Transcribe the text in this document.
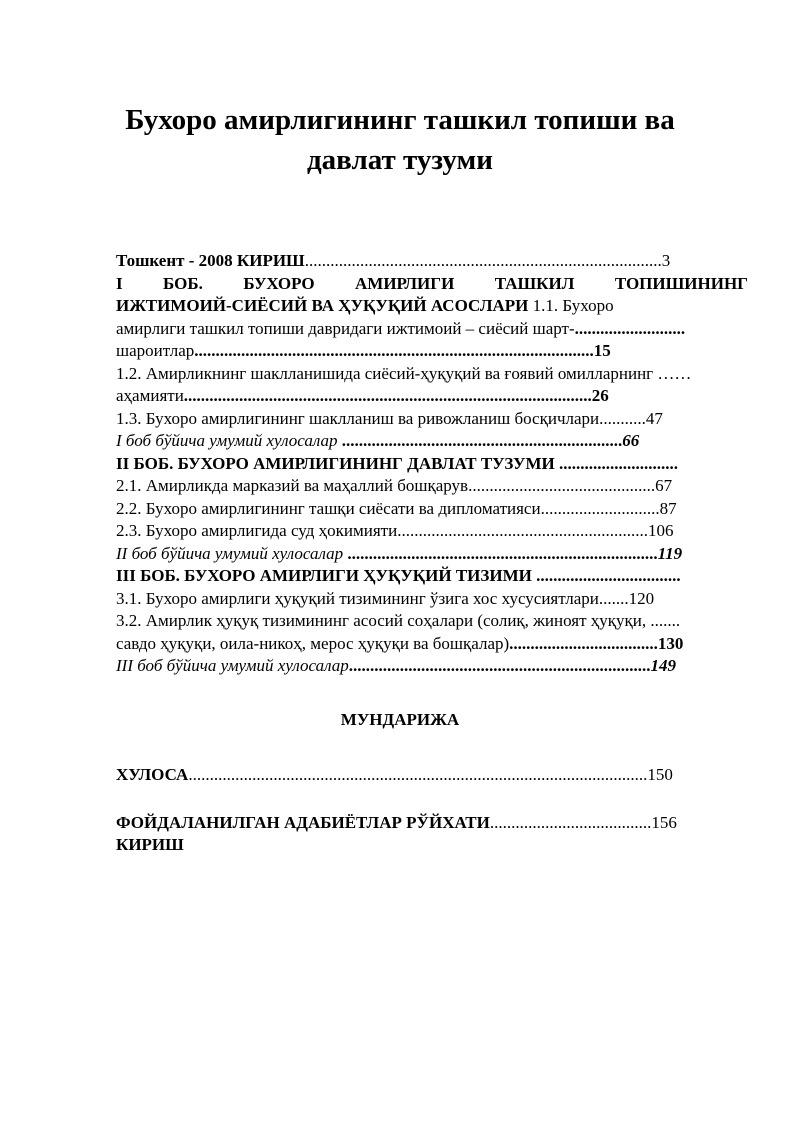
Бухоро амирлигининг ташкил топиши ва
давлат тузуми
Тошкент - 2008 КИРИШ....................................................................................3
I БОБ. БУХОРО АМИРЛИГИ ТАШКИЛ ТОПИШИНИНГ
ИЖТИМОИЙ-СИЁСИЙ ВА ҲУҚУҚИЙ АСОСЛАРИ 1.1. Бухоро
амирлиги ташкил топиши давридаги ижтимоий – сиёсий шарт-..........................
шароитлар..............................................................................................15
1.2. Амирликнинг шаклланишида сиёсий-ҳуқуқий ва ғоявий омилларнинг ……
аҳамияти................................................................................................26
1.3. Бухоро амирлигининг шаклланиш ва ривожланиш босқичлари...........47
I боб бўйича умумий хулосалар ..................................................................66
II БОБ. БУХОРО АМИРЛИГИНИНГ ДАВЛАТ ТУЗУМИ ............................
2.1. Амирликда марказий ва маҳаллий бошқарув............................................67
2.2. Бухоро амирлигининг ташқи сиёсати ва дипломатияси............................87
2.3. Бухоро амирлигида суд ҳокимияти...........................................................106
II боб бўйича умумий хулосалар .........................................................................119
III БОБ. БУХОРО АМИРЛИГИ ҲУҚУҚИЙ ТИЗИМИ ..................................
3.1. Бухоро амирлиги ҳуқуқий тизимининг ўзига хос хусусиятлари.......120
3.2. Амирлик ҳуқуқ тизимининг асосий соҳалари (солиқ, жиноят ҳуқуқи, .......
савдо ҳуқуқи, оила-никоҳ, мерос ҳуқуқи ва бошқалар)...................................130
III боб бўйича умумий хулосалар.......................................................................149
МУНДАРИЖА
ХУЛОСА............................................................................................................150
ФОЙДАЛАНИЛГАН АДАБИЁТЛАР РЎЙХАТИ......................................156
КИРИШ
